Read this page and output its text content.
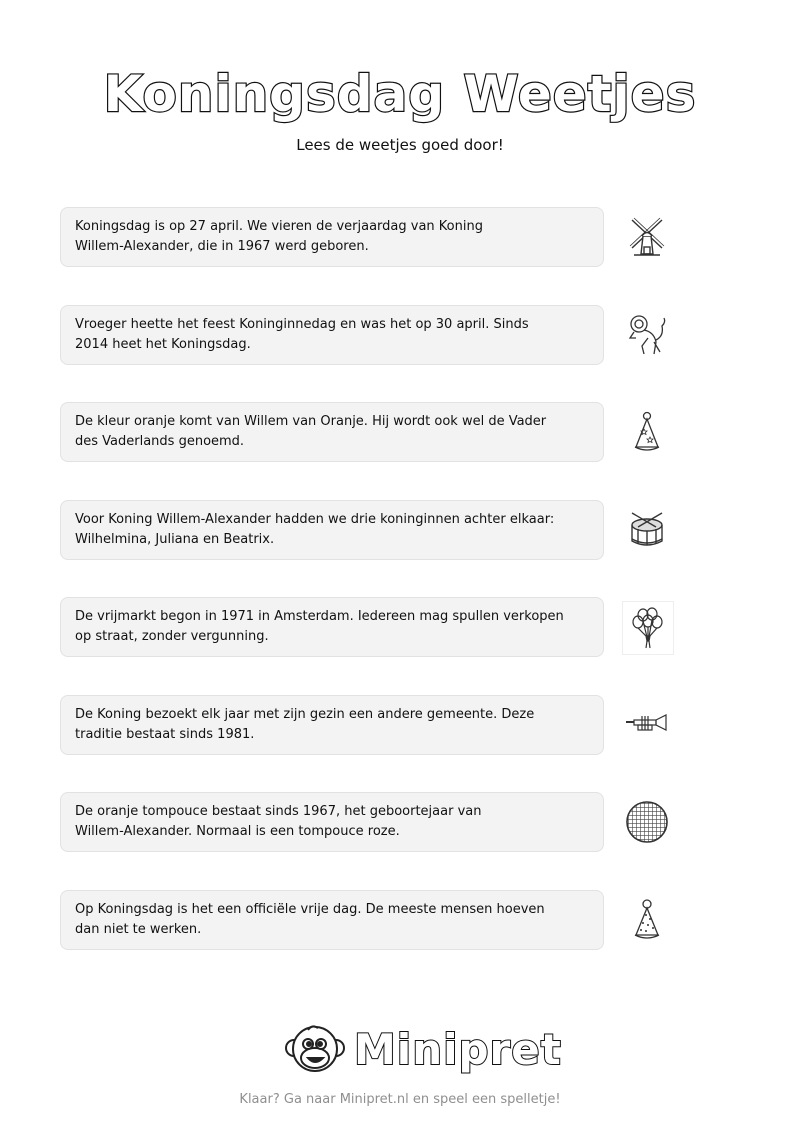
Koningsdag Weetjes
Lees de weetjes goed door!
Koningsdag is op 27 april. We vieren de verjaardag van Koning
Willem-Alexander, die in 1967 werd geboren.
Vroeger heette het feest Koninginnedag en was het op 30 april. Sinds
2014 heet het Koningsdag.
De kleur oranje komt van Willem van Oranje. Hij wordt ook wel de Vader
des Vaderlands genoemd.
Voor Koning Willem-Alexander hadden we drie koninginnen achter elkaar:
Wilhelmina, Juliana en Beatrix.
De vrijmarkt begon in 1971 in Amsterdam. Iedereen mag spullen verkopen
op straat, zonder vergunning.
De Koning bezoekt elk jaar met zijn gezin een andere gemeente. Deze
traditie bestaat sinds 1981.
De oranje tompouce bestaat sinds 1967, het geboortejaar van
Willem-Alexander. Normaal is een tompouce roze.
Op Koningsdag is het een officiële vrije dag. De meeste mensen hoeven
dan niet te werken.
Minipret
Klaar? Ga naar Minipret.nl en speel een spelletje!
